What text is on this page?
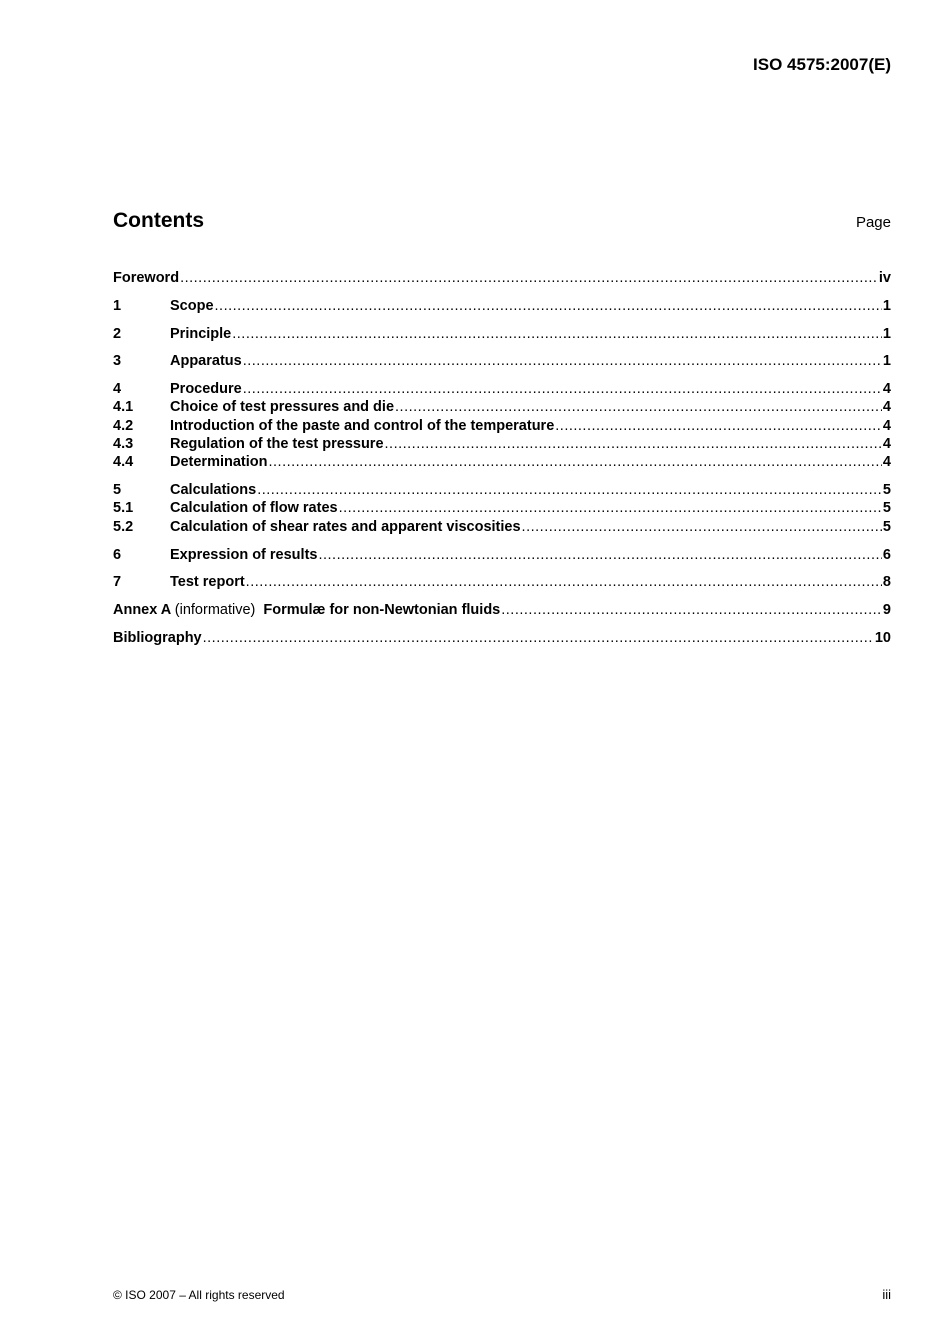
ISO 4575:2007(E)
Contents	Page
Foreword .....	iv
1	Scope .....	1
2	Principle .....	1
3	Apparatus .....	1
4	Procedure .....	4
4.1	Choice of test pressures and die .....	4
4.2	Introduction of the paste and control of the temperature .....	4
4.3	Regulation of the test pressure .....	4
4.4	Determination .....	4
5	Calculations .....	5
5.1	Calculation of flow rates .....	5
5.2	Calculation of shear rates and apparent viscosities .....	5
6	Expression of results .....	6
7	Test report .....	8
Annex A (informative) Formulæ for non-Newtonian fluids .....	9
Bibliography .....	10
© ISO 2007 – All rights reserved	iii
